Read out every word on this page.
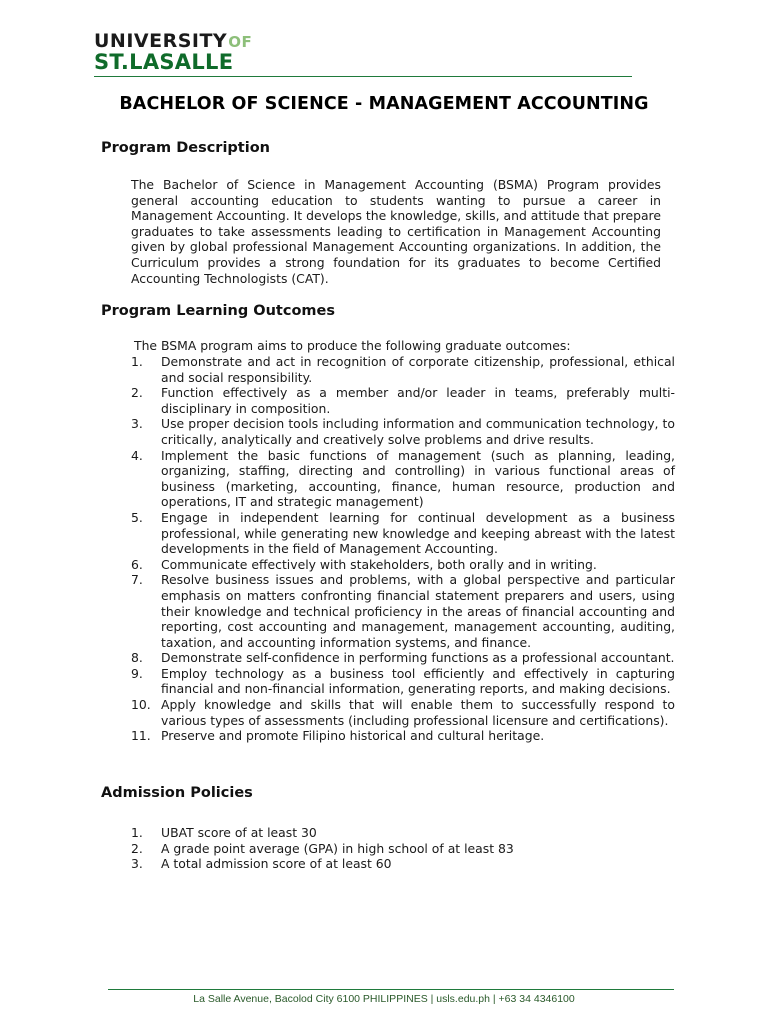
UNIVERSITYOF
ST.LASALLE
BACHELOR OF SCIENCE - MANAGEMENT ACCOUNTING
Program Description
The Bachelor of Science in Management Accounting (BSMA) Program provides general accounting education to students wanting to pursue a career in Management Accounting. It develops the knowledge, skills, and attitude that prepare graduates to take assessments leading to certification in Management Accounting given by global professional Management Accounting organizations. In addition, the Curriculum provides a strong foundation for its graduates to become Certified Accounting Technologists (CAT).
Program Learning Outcomes
The BSMA program aims to produce the following graduate outcomes:
1.	Demonstrate and act in recognition of corporate citizenship, professional, ethical and social responsibility.
2.	Function effectively as a member and/or leader in teams, preferably multi-disciplinary in composition.
3.	Use proper decision tools including information and communication technology, to critically, analytically and creatively solve problems and drive results.
4.	Implement the basic functions of management (such as planning, leading, organizing, staffing, directing and controlling) in various functional areas of business (marketing, accounting, finance, human resource, production and operations, IT and strategic management)
5.	Engage in independent learning for continual development as a business professional, while generating new knowledge and keeping abreast with the latest developments in the field of Management Accounting.
6.	Communicate effectively with stakeholders, both orally and in writing.
7.	Resolve business issues and problems, with a global perspective and particular emphasis on matters confronting financial statement preparers and users, using their knowledge and technical proficiency in the areas of financial accounting and reporting, cost accounting and management, management accounting, auditing, taxation, and accounting information systems, and finance.
8.	Demonstrate self-confidence in performing functions as a professional accountant.
9.	Employ technology as a business tool efficiently and effectively in capturing financial and non-financial information, generating reports, and making decisions.
10. Apply knowledge and skills that will enable them to successfully respond to various types of assessments (including professional licensure and certifications).
11. Preserve and promote Filipino historical and cultural heritage.
Admission Policies
1.	UBAT score of at least 30
2.	A grade point average (GPA) in high school of at least 83
3.	A total admission score of at least 60
La Salle Avenue, Bacolod City 6100 PHILIPPINES | usls.edu.ph | +63 34 4346100
